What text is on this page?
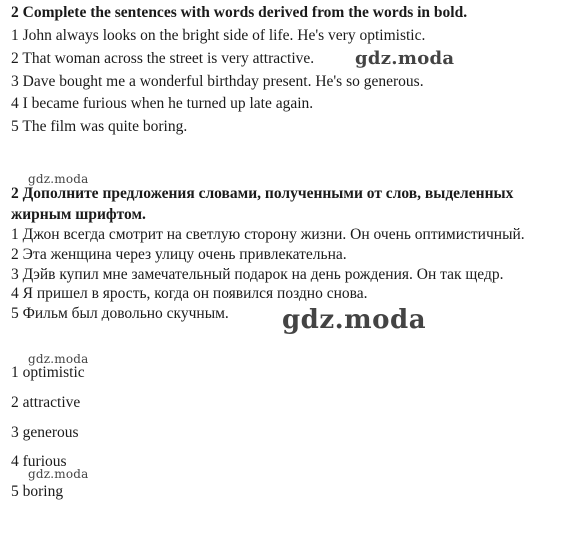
2 Complete the sentences with words derived from the words in bold.
1 John always looks on the bright side of life. He's very optimistic.
2 That woman across the street is very attractive.
3 Dave bought me a wonderful birthday present. He's so generous.
4 I became furious when he turned up late again.
5 The film was quite boring.
gdz.moda
gdz.moda
2 Дополните предложения словами, полученными от слов, выделенных
жирным шрифтом.
1 Джон всегда смотрит на светлую сторону жизни. Он очень оптимистичный.
2 Эта женщина через улицу очень привлекательна.
3 Дэйв купил мне замечательный подарок на день рождения. Он так щедр.
4 Я пришел в ярость, когда он появился поздно снова.
5 Фильм был довольно скучным. gdz.moda
gdz.moda
1 optimistic
2 attractive
3 generous
4 furious
gdz.moda
5 boring
